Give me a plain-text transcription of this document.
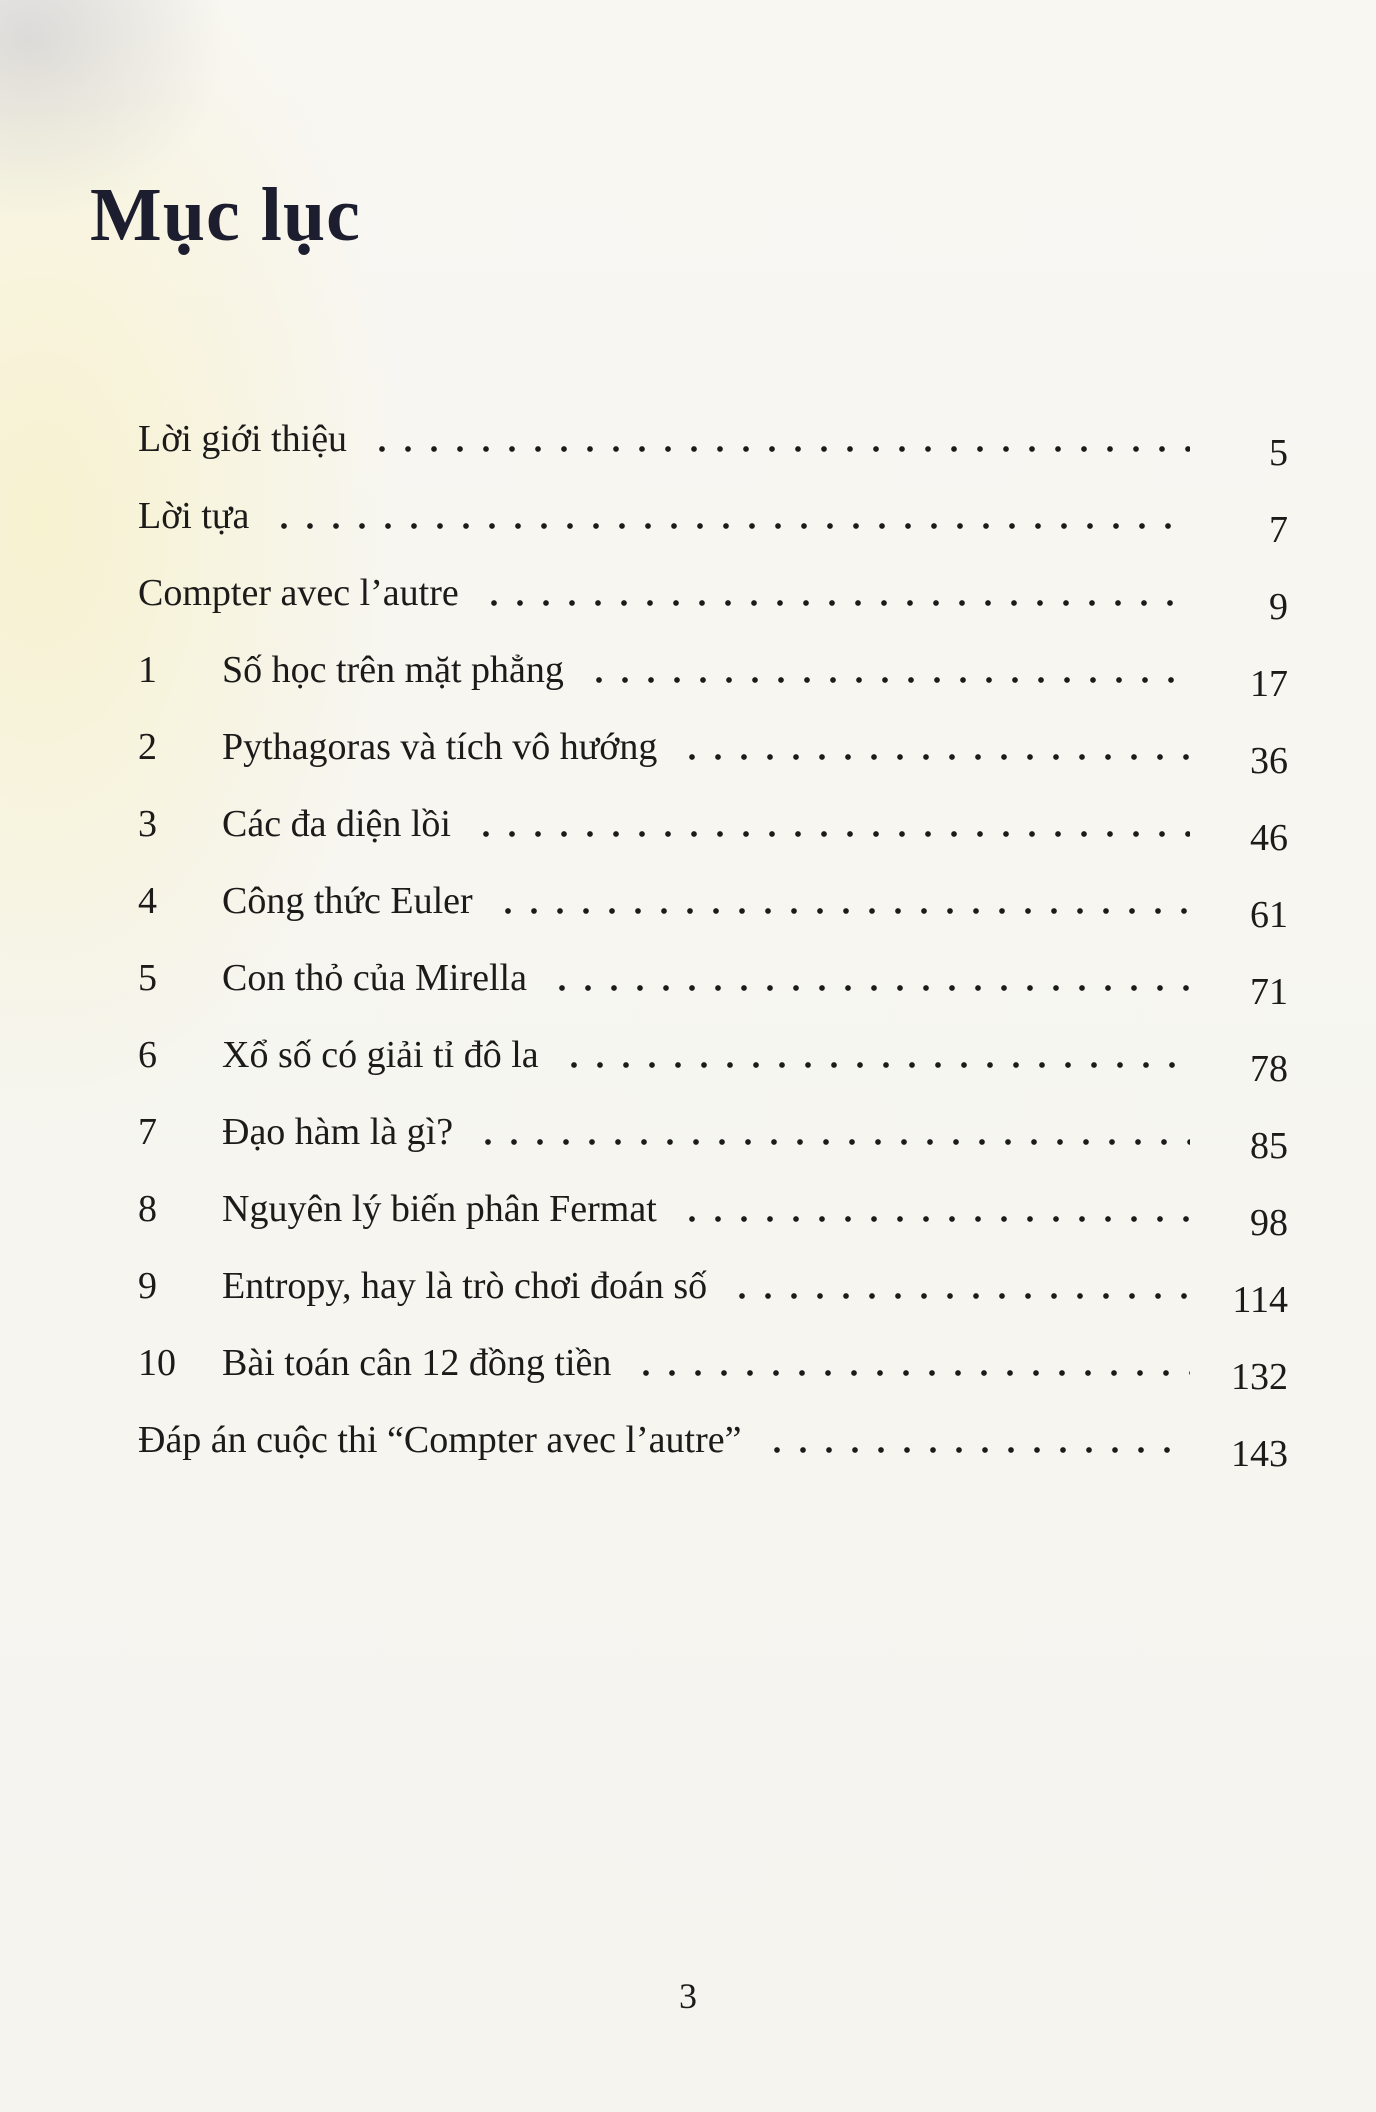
Mục lục
Lời giới thiệu	5
Lời tựa	7
Compter avec l’autre	9
1	Số học trên mặt phẳng	17
2	Pythagoras và tích vô hướng	36
3	Các đa diện lồi	46
4	Công thức Euler	61
5	Con thỏ của Mirella	71
6	Xổ số có giải tỉ đô la	78
7	Đạo hàm là gì?	85
8	Nguyên lý biến phân Fermat	98
9	Entropy, hay là trò chơi đoán số	114
10	Bài toán cân 12 đồng tiền	132
Đáp án cuộc thi “Compter avec l’autre”	143
3
